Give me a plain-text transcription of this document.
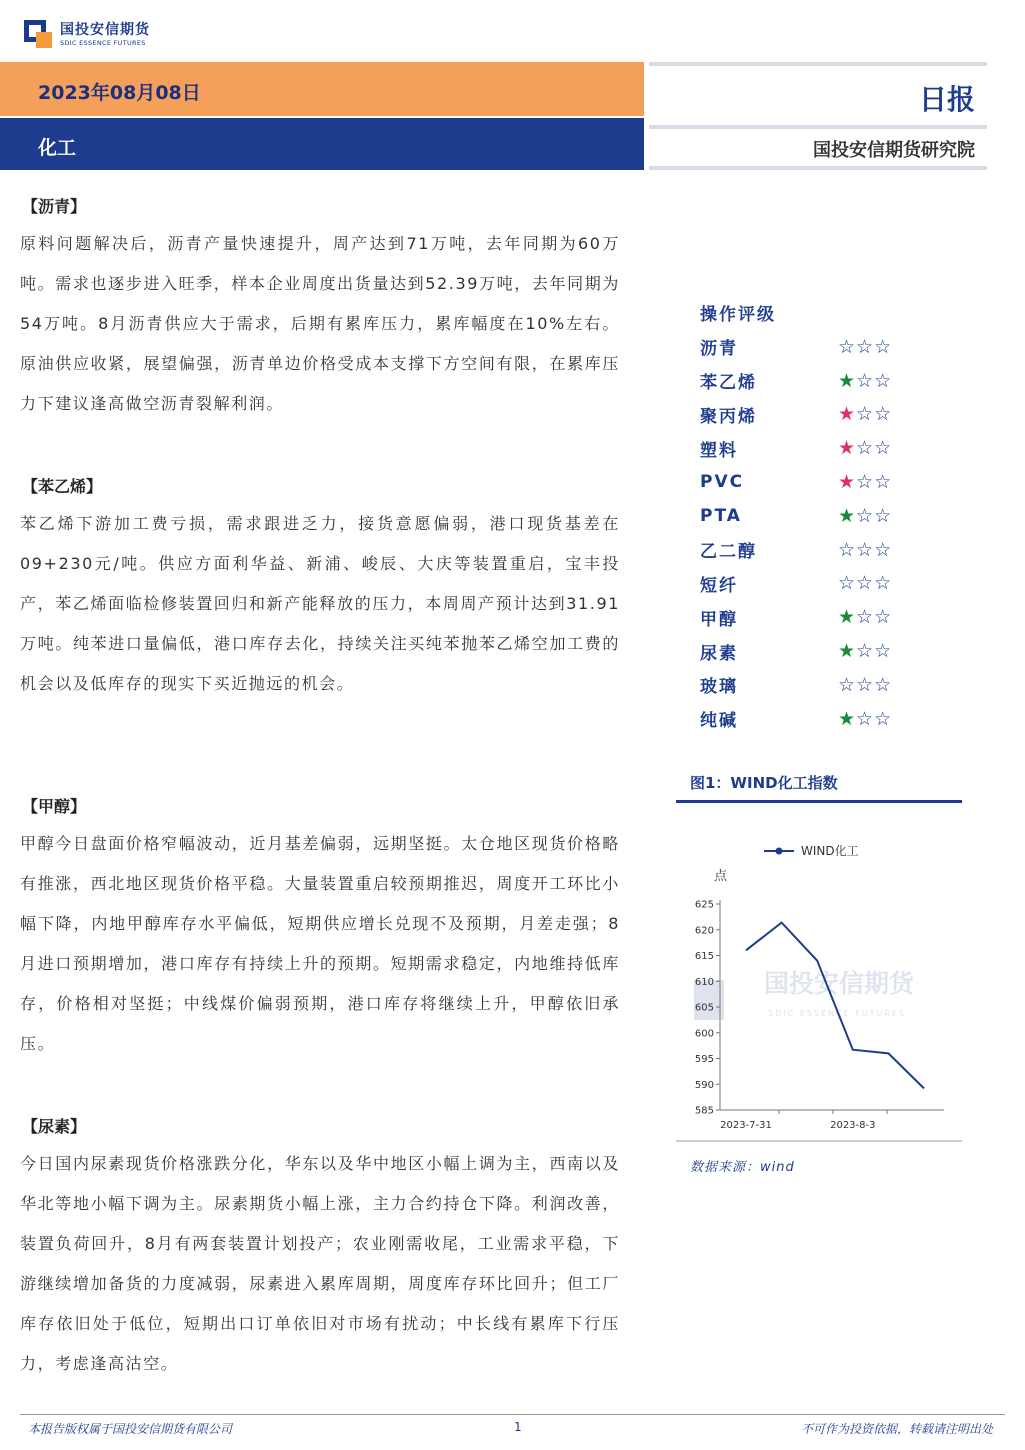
国投安信期货
SDIC ESSENCE FUTURES
2023年08月08日
化工
日报
国投安信期货研究院
【沥青】
原料问题解决后，沥青产量快速提升，周产达到71万吨，去年同期为60万吨。需求也逐步进入旺季，样本企业周度出货量达到52.39万吨，去年同期为54万吨。8月沥青供应大于需求，后期有累库压力，累库幅度在10%左右。原油供应收紧，展望偏强，沥青单边价格受成本支撑下方空间有限，在累库压力下建议逢高做空沥青裂解利润。
【苯乙烯】
苯乙烯下游加工费亏损，需求跟进乏力，接货意愿偏弱，港口现货基差在09+230元/吨。供应方面利华益、新浦、峻辰、大庆等装置重启，宝丰投产，苯乙烯面临检修装置回归和新产能释放的压力，本周周产预计达到31.91万吨。纯苯进口量偏低，港口库存去化，持续关注买纯苯抛苯乙烯空加工费的机会以及低库存的现实下买近抛远的机会。
【甲醇】
甲醇今日盘面价格窄幅波动，近月基差偏弱，远期坚挺。太仓地区现货价格略有推涨，西北地区现货价格平稳。大量装置重启较预期推迟，周度开工环比小幅下降，内地甲醇库存水平偏低，短期供应增长兑现不及预期，月差走强；8月进口预期增加，港口库存有持续上升的预期。短期需求稳定，内地维持低库存，价格相对坚挺；中线煤价偏弱预期，港口库存将继续上升，甲醇依旧承压。
【尿素】
今日国内尿素现货价格涨跌分化，华东以及华中地区小幅上调为主，西南以及华北等地小幅下调为主。尿素期货小幅上涨，主力合约持仓下降。利润改善，装置负荷回升，8月有两套装置计划投产；农业刚需收尾，工业需求平稳，下游继续增加备货的力度减弱，尿素进入累库周期，周度库存环比回升；但工厂库存依旧处于低位，短期出口订单依旧对市场有扰动；中长线有累库下行压力，考虑逢高沽空。
操作评级
沥青	☆☆☆
苯乙烯	★☆☆
聚丙烯	★☆☆
塑料	★☆☆
PVC	★☆☆
PTA	★☆☆
乙二醇	☆☆☆
短纤	☆☆☆
甲醇	★☆☆
尿素	★☆☆
玻璃	☆☆☆
纯碱	★☆☆
图1：WIND化工指数
国投安信期货
SDIC ESSENCE FUTURES
WIND化工
点
585
590
595
600
605
610
615
620
625
2023-7-31	2023-8-3
数据来源：wind
本报告版权属于国投安信期货有限公司	1	不可作为投资依据，转载请注明出处
